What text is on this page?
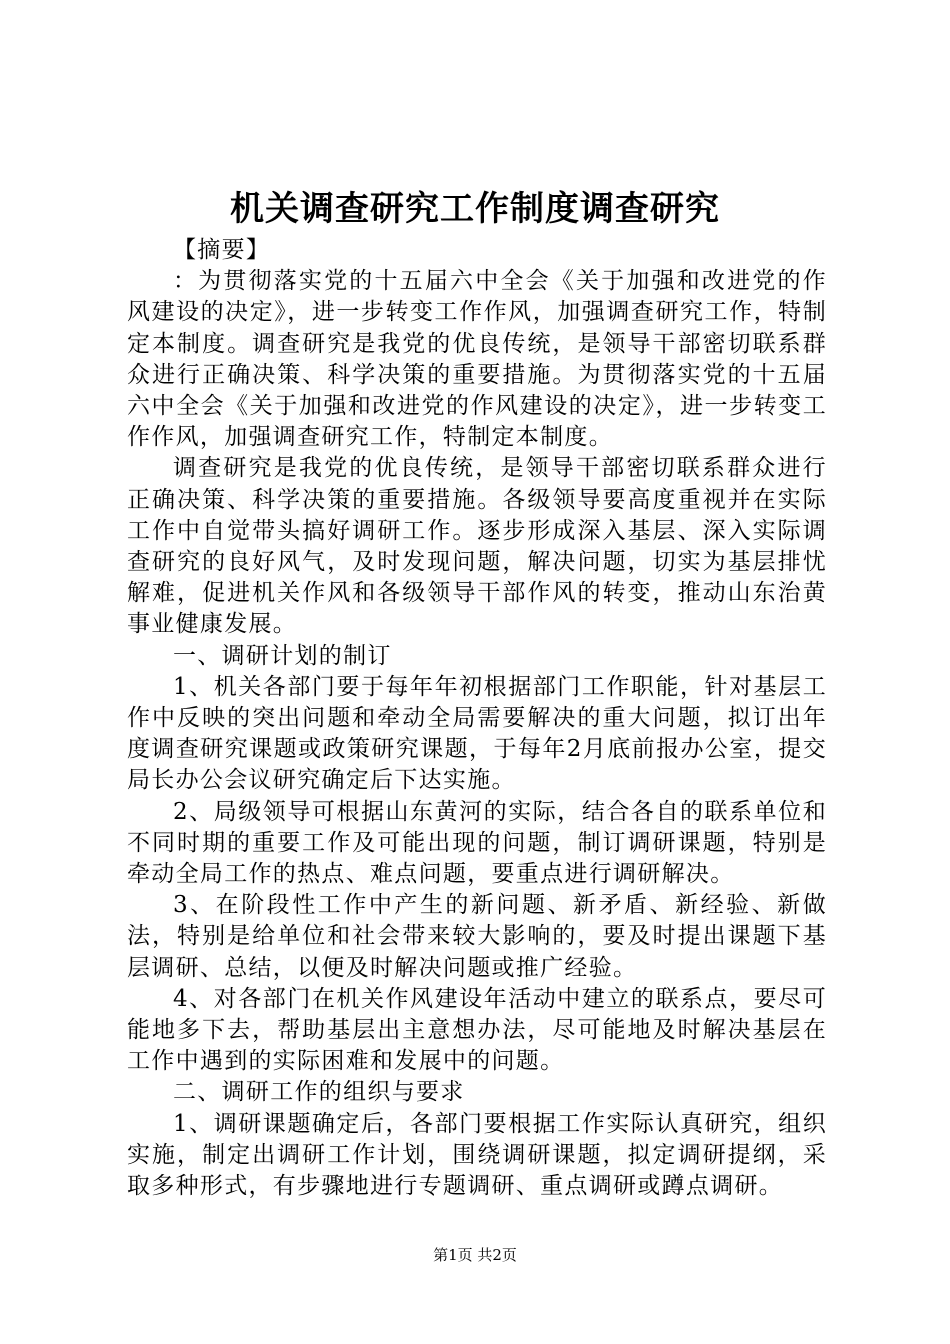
机关调查研究工作制度调查研究

【摘要】

：为贯彻落实党的十五届六中全会《关于加强和改进党的作风建设的决定》，进一步转变工作作风，加强调查研究工作，特制定本制度。调查研究是我党的优良传统，是领导干部密切联系群众进行正确决策、科学决策的重要措施。为贯彻落实党的十五届六中全会《关于加强和改进党的作风建设的决定》，进一步转变工作作风，加强调查研究工作，特制定本制度。

调查研究是我党的优良传统，是领导干部密切联系群众进行正确决策、科学决策的重要措施。各级领导要高度重视并在实际工作中自觉带头搞好调研工作。逐步形成深入基层、深入实际调查研究的良好风气，及时发现问题，解决问题，切实为基层排忧解难，促进机关作风和各级领导干部作风的转变，推动山东治黄事业健康发展。

一、调研计划的制订

1、机关各部门要于每年年初根据部门工作职能，针对基层工作中反映的突出问题和牵动全局需要解决的重大问题，拟订出年度调查研究课题或政策研究课题，于每年2月底前报办公室，提交局长办公会议研究确定后下达实施。

2、局级领导可根据山东黄河的实际，结合各自的联系单位和不同时期的重要工作及可能出现的问题，制订调研课题，特别是牵动全局工作的热点、难点问题，要重点进行调研解决。

3、在阶段性工作中产生的新问题、新矛盾、新经验、新做法，特别是给单位和社会带来较大影响的，要及时提出课题下基层调研、总结，以便及时解决问题或推广经验。

4、对各部门在机关作风建设年活动中建立的联系点，要尽可能地多下去，帮助基层出主意想办法，尽可能地及时解决基层在工作中遇到的实际困难和发展中的问题。

二、调研工作的组织与要求

1、调研课题确定后，各部门要根据工作实际认真研究，组织实施，制定出调研工作计划，围绕调研课题，拟定调研提纲，采取多种形式，有步骤地进行专题调研、重点调研或蹲点调研。

第1页 共2页
